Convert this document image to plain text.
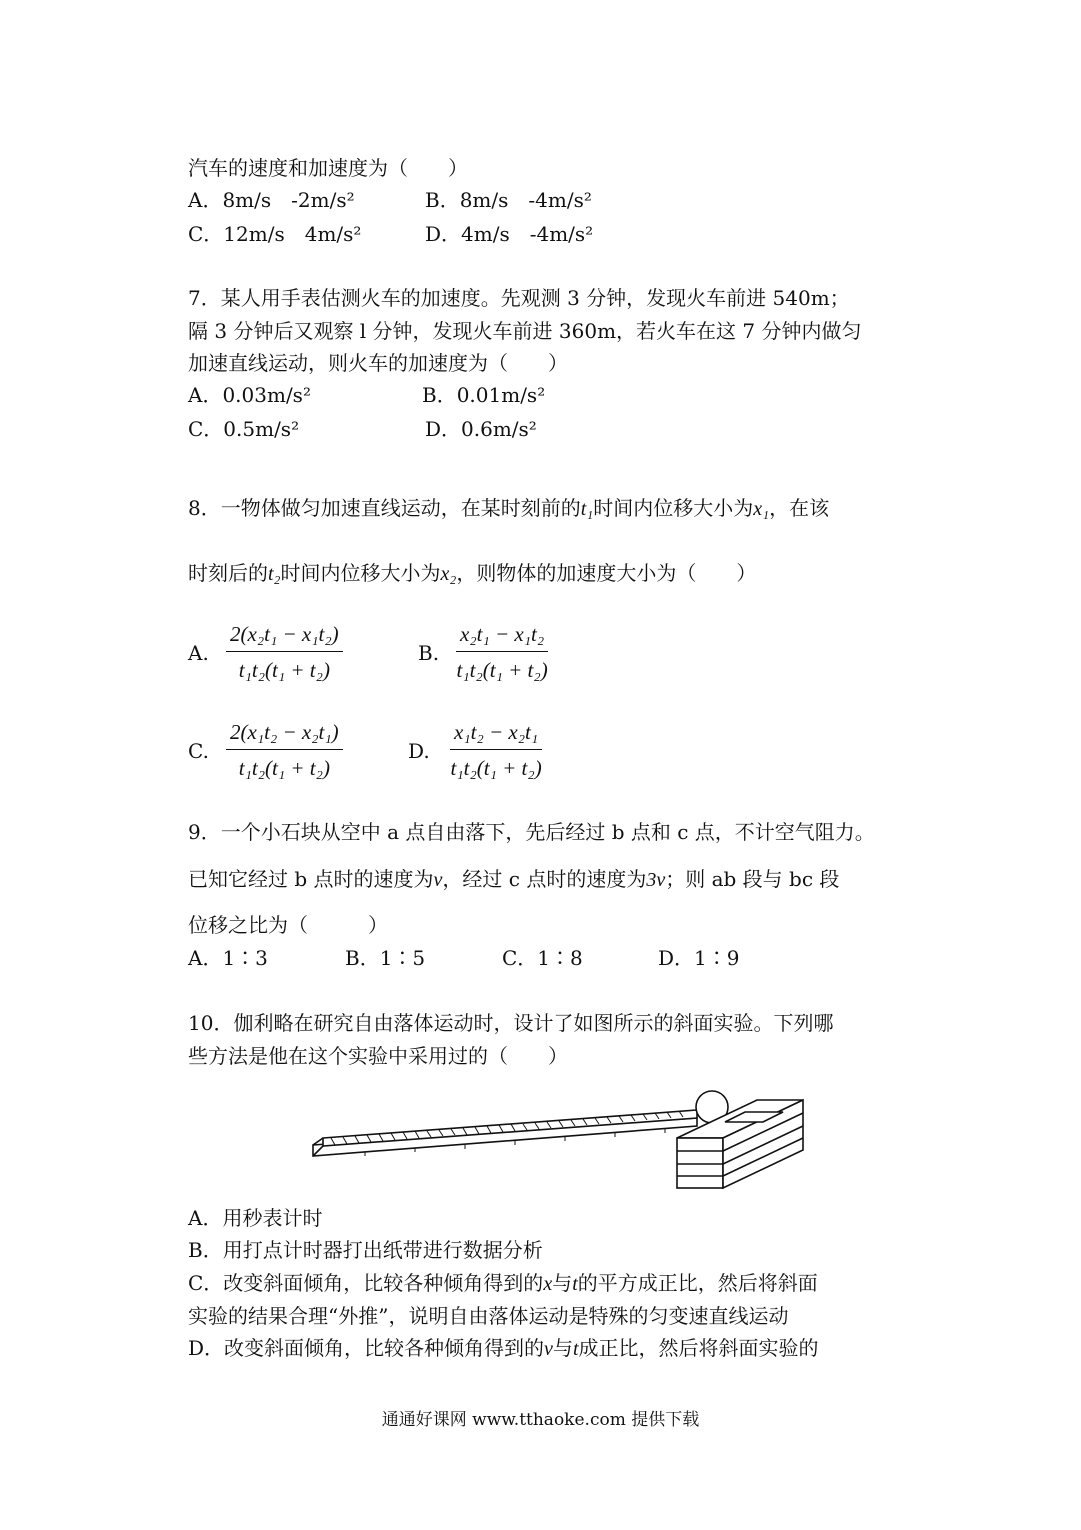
汽车的速度和加速度为（　　）
A．8m/s　-2m/s²	B．8m/s　-4m/s²
C．12m/s　4m/s²	D．4m/s　-4m/s²
7．某人用手表估测火车的加速度。先观测 3 分钟，发现火车前进 540m；
隔 3 分钟后又观察 l 分钟，发现火车前进 360m，若火车在这 7 分钟内做匀
加速直线运动，则火车的加速度为（　　）
A．0.03m/s²	B．0.01m/s²
C．0.5m/s²	D．0.6m/s²
8．一物体做匀加速直线运动，在某时刻前的t₁时间内位移大小为x₁，在该
时刻后的t₂时间内位移大小为x₂，则物体的加速度大小为（　　）
A. $\frac{\text{2(x₂t₁ − x₁t₂)}}{\text{t₁t₂(t₁ + t₂)}}$	B. $\frac{\text{x₂t₁ − x₁t₂}}{\text{t₁t₂(t₁ + t₂)}}$
C. $\frac{\text{2(x₁t₂ − x₂t₁)}}{\text{t₁t₂(t₁ + t₂)}}$	D. $\frac{\text{x₁t₂ − x₂t₁}}{\text{t₁t₂(t₁ + t₂)}}$
9．一个小石块从空中 a 点自由落下，先后经过 b 点和 c 点，不计空气阻力。
已知它经过 b 点时的速度为v，经过 c 点时的速度为3v；则 ab 段与 bc 段
位移之比为（　　　）
A．1∶3	B．1∶5	C．1∶8	D．1∶9
10．伽利略在研究自由落体运动时，设计了如图所示的斜面实验。下列哪
些方法是他在这个实验中采用过的（　　）
A．用秒表计时
B．用打点计时器打出纸带进行数据分析
C．改变斜面倾角，比较各种倾角得到的x与t的平方成正比，然后将斜面
实验的结果合理“外推”，说明自由落体运动是特殊的匀变速直线运动
D．改变斜面倾角，比较各种倾角得到的v与t成正比，然后将斜面实验的
通通好课网 www.tthaoke.com 提供下载
